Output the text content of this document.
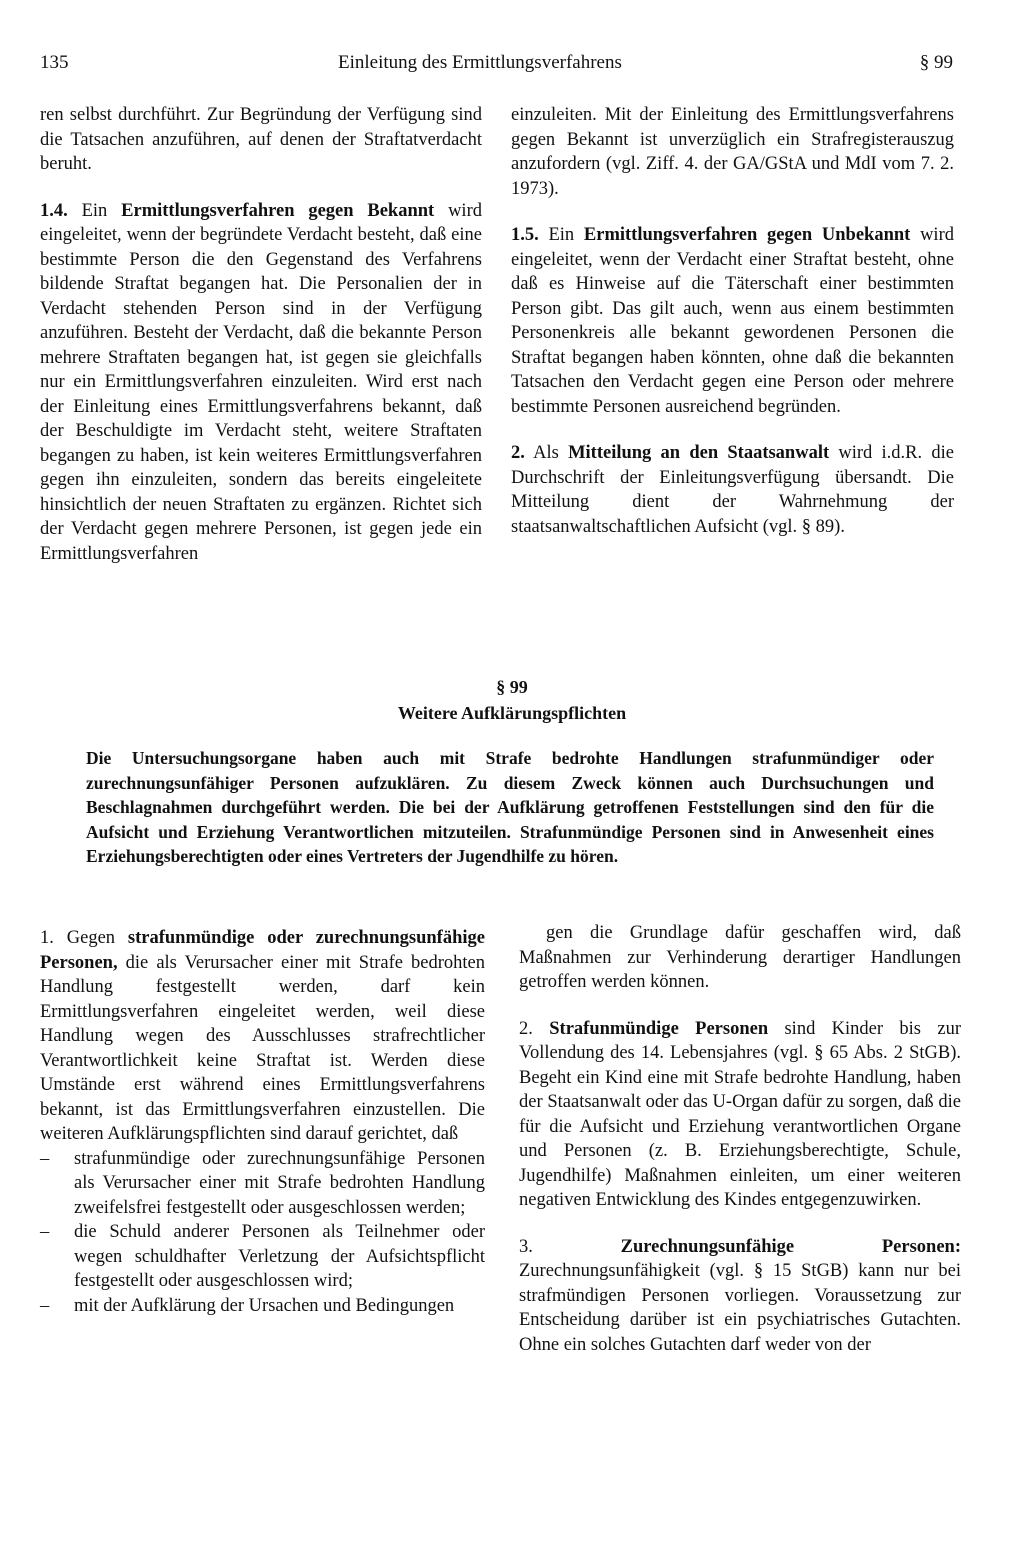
135	Einleitung des Ermittlungsverfahrens	§ 99

ren selbst durchführt. Zur Begründung der Verfügung sind die Tatsachen anzuführen, auf denen der Straftatverdacht beruht.

1.4. Ein Ermittlungsverfahren gegen Bekannt wird eingeleitet, wenn der begründete Verdacht besteht, daß eine bestimmte Person die den Gegenstand des Verfahrens bildende Straftat begangen hat. Die Personalien der in Verdacht stehenden Person sind in der Verfügung anzuführen. Besteht der Verdacht, daß die bekannte Person mehrere Straftaten begangen hat, ist gegen sie gleichfalls nur ein Ermittlungsverfahren einzuleiten. Wird erst nach der Einleitung eines Ermittlungsverfahrens bekannt, daß der Beschuldigte im Verdacht steht, weitere Straftaten begangen zu haben, ist kein weiteres Ermittlungsverfahren gegen ihn einzuleiten, sondern das bereits eingeleitete hinsichtlich der neuen Straftaten zu ergänzen. Richtet sich der Verdacht gegen mehrere Personen, ist gegen jede ein Ermittlungsverfahren

einzuleiten. Mit der Einleitung des Ermittlungsverfahrens gegen Bekannt ist unverzüglich ein Strafregisterauszug anzufordern (vgl. Ziff. 4. der GA/GStA und MdI vom 7. 2. 1973).

1.5. Ein Ermittlungsverfahren gegen Unbekannt wird eingeleitet, wenn der Verdacht einer Straftat besteht, ohne daß es Hinweise auf die Täterschaft einer bestimmten Person gibt. Das gilt auch, wenn aus einem bestimmten Personenkreis alle bekannt gewordenen Personen die Straftat begangen haben könnten, ohne daß die bekannten Tatsachen den Verdacht gegen eine Person oder mehrere bestimmte Personen ausreichend begründen.

2. Als Mitteilung an den Staatsanwalt wird i.d.R. die Durchschrift der Einleitungsverfügung übersandt. Die Mitteilung dient der Wahrnehmung der staatsanwaltschaftlichen Aufsicht (vgl. § 89).

§ 99
Weitere Aufklärungspflichten
Die Untersuchungsorgane haben auch mit Strafe bedrohte Handlungen strafunmündiger oder zurechnungsunfähiger Personen aufzuklären. Zu diesem Zweck können auch Durchsuchungen und Beschlagnahmen durchgeführt werden. Die bei der Aufklärung getroffenen Feststellungen sind den für die Aufsicht und Erziehung Verantwortlichen mitzuteilen. Strafunmündige Personen sind in Anwesenheit eines Erziehungsberechtigten oder eines Vertreters der Jugendhilfe zu hören.
1. Gegen strafunmündige oder zurechnungsunfähige Personen, die als Verursacher einer mit Strafe bedrohten Handlung festgestellt werden, darf kein Ermittlungsverfahren eingeleitet werden, weil diese Handlung wegen des Ausschlusses strafrechtlicher Verantwortlichkeit keine Straftat ist. Werden diese Umstände erst während eines Ermittlungsverfahrens bekannt, ist das Ermittlungsverfahren einzustellen. Die weiteren Aufklärungspflichten sind darauf gerichtet, daß
–	strafunmündige oder zurechnungsunfähige Personen als Verursacher einer mit Strafe bedrohten Handlung zweifelsfrei festgestellt oder ausgeschlossen werden;
–	die Schuld anderer Personen als Teilnehmer oder wegen schuldhafter Verletzung der Aufsichtspflicht festgestellt oder ausgeschlossen wird;
–	mit der Aufklärung der Ursachen und Bedingungen

gen die Grundlage dafür geschaffen wird, daß Maßnahmen zur Verhinderung derartiger Handlungen getroffen werden können.

2. Strafunmündige Personen sind Kinder bis zur Vollendung des 14. Lebensjahres (vgl. § 65 Abs. 2 StGB). Begeht ein Kind eine mit Strafe bedrohte Handlung, haben der Staatsanwalt oder das U-Organ dafür zu sorgen, daß die für die Aufsicht und Erziehung verantwortlichen Organe und Personen (z. B. Erziehungsberechtigte, Schule, Jugendhilfe) Maßnahmen einleiten, um einer weiteren negativen Entwicklung des Kindes entgegenzuwirken.

3.	Zurechnungsunfähige Personen: Zurechnungsunfähigkeit (vgl. § 15 StGB) kann nur bei strafmündigen Personen vorliegen. Voraussetzung zur Entscheidung darüber ist ein psychiatrisches Gutachten. Ohne ein solches Gutachten darf weder von der
